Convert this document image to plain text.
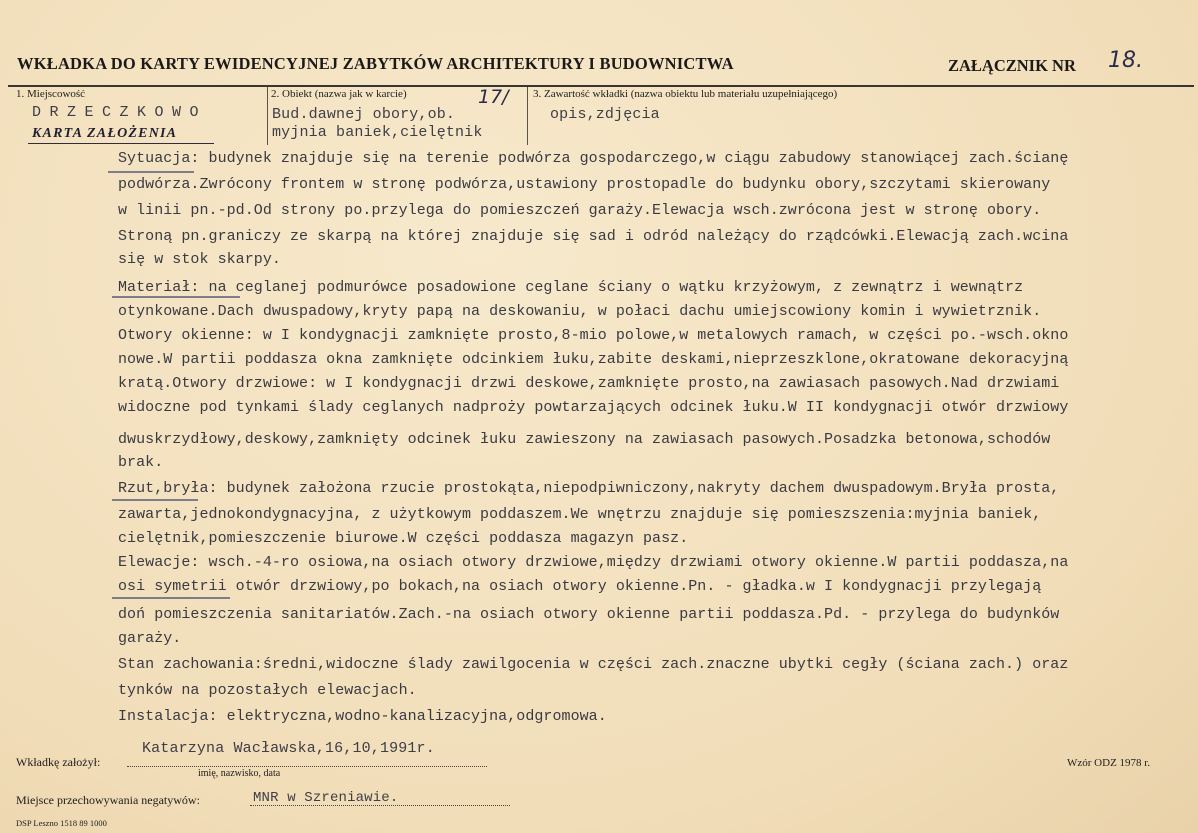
WKŁADKA DO KARTY EWIDENCYJNEJ ZABYTKÓW ARCHITEKTURY I BUDOWNICTWA	ZAŁĄCZNIK NR 18.
1. Miejscowość
DRZECZKOWO
KARTA ZAŁOŻENIA
2. Obiekt (nazwa jak w karcie)	17/
Bud.dawnej obory,ob.
myjnia baniek,cielętnik
3. Zawartość wkładki (nazwa obiektu lub materiału uzupełniającego)
opis,zdjęcia
Sytuacja: budynek znajduje się na terenie podwórza gospodarczego,w ciągu zabudowy stanowiącej zach.ścianę
podwórza.Zwrócony frontem w stronę podwórza,ustawiony prostopadle do budynku obory,szczytami skierowany
w linii pn.-pd.Od strony po.przylega do pomieszczeń garaży.Elewacja wsch.zwrócona jest w stronę obory.
Stroną pn.graniczy ze skarpą na której znajduje się sad i odród należący do rządcówki.Elewacją zach.wcina
się w stok skarpy.
Materiał: na ceglanej podmurówce posadowione ceglane ściany o wątku krzyżowym, z zewnątrz i wewnątrz
otynkowane.Dach dwuspadowy,kryty papą na deskowaniu, w połaci dachu umiejscowiony komin i wywietrznik.
Otwory okienne: w I kondygnacji zamknięte prosto,8-mio polowe,w metalowych ramach, w części po.-wsch.okno
nowe.W partii poddasza okna zamknięte odcinkiem łuku,zabite deskami,nieprzeszklone,okratowane dekoracyjną
kratą.Otwory drzwiowe: w I kondygnacji drzwi deskowe,zamknięte prosto,na zawiasach pasowych.Nad drzwiami
widoczne pod tynkami ślady ceglanych nadproży powtarzających odcinek łuku.W II kondygnacji otwór drzwiowy
dwuskrzydłowy,deskowy,zamknięty odcinek łuku zawieszony na zawiasach pasowych.Posadzka betonowa,schodów
brak.
Rzut,bryła: budynek założona rzucie prostokąta,niepodpiwniczony,nakryty dachem dwuspadowym.Bryła prosta,
zawarta,jednokondygnacyjna, z użytkowym poddaszem.We wnętrzu znajduje się pomieszszenia:myjnia baniek,
cielętnik,pomieszczenie biurowe.W części poddasza magazyn pasz.
Elewacje: wsch.-4-ro osiowa,na osiach otwory drzwiowe,między drzwiami otwory okienne.W partii poddasza,na
osi symetrii otwór drzwiowy,po bokach,na osiach otwory okienne.Pn. - gładka.w I kondygnacji przylegają
doń pomieszczenia sanitariatów.Zach.-na osiach otwory okienne partii poddasza.Pd. - przylega do budynków
garaży.
Stan zachowania:średni,widoczne ślady zawilgocenia w części zach.znaczne ubytki cegły (ściana zach.) oraz
tynków na pozostałych elewacjach.
Instalacja: elektryczna,wodno-kanalizacyjna,odgromowa.
Wkładkę założył:
Katarzyna Wacławska,16,10,1991r.
imię, nazwisko, data
Wzór ODZ 1978 r.
Miejsce przechowywania negatywów:	MNR w Szreniawie.
DSP Leszno 1518 89 1000
